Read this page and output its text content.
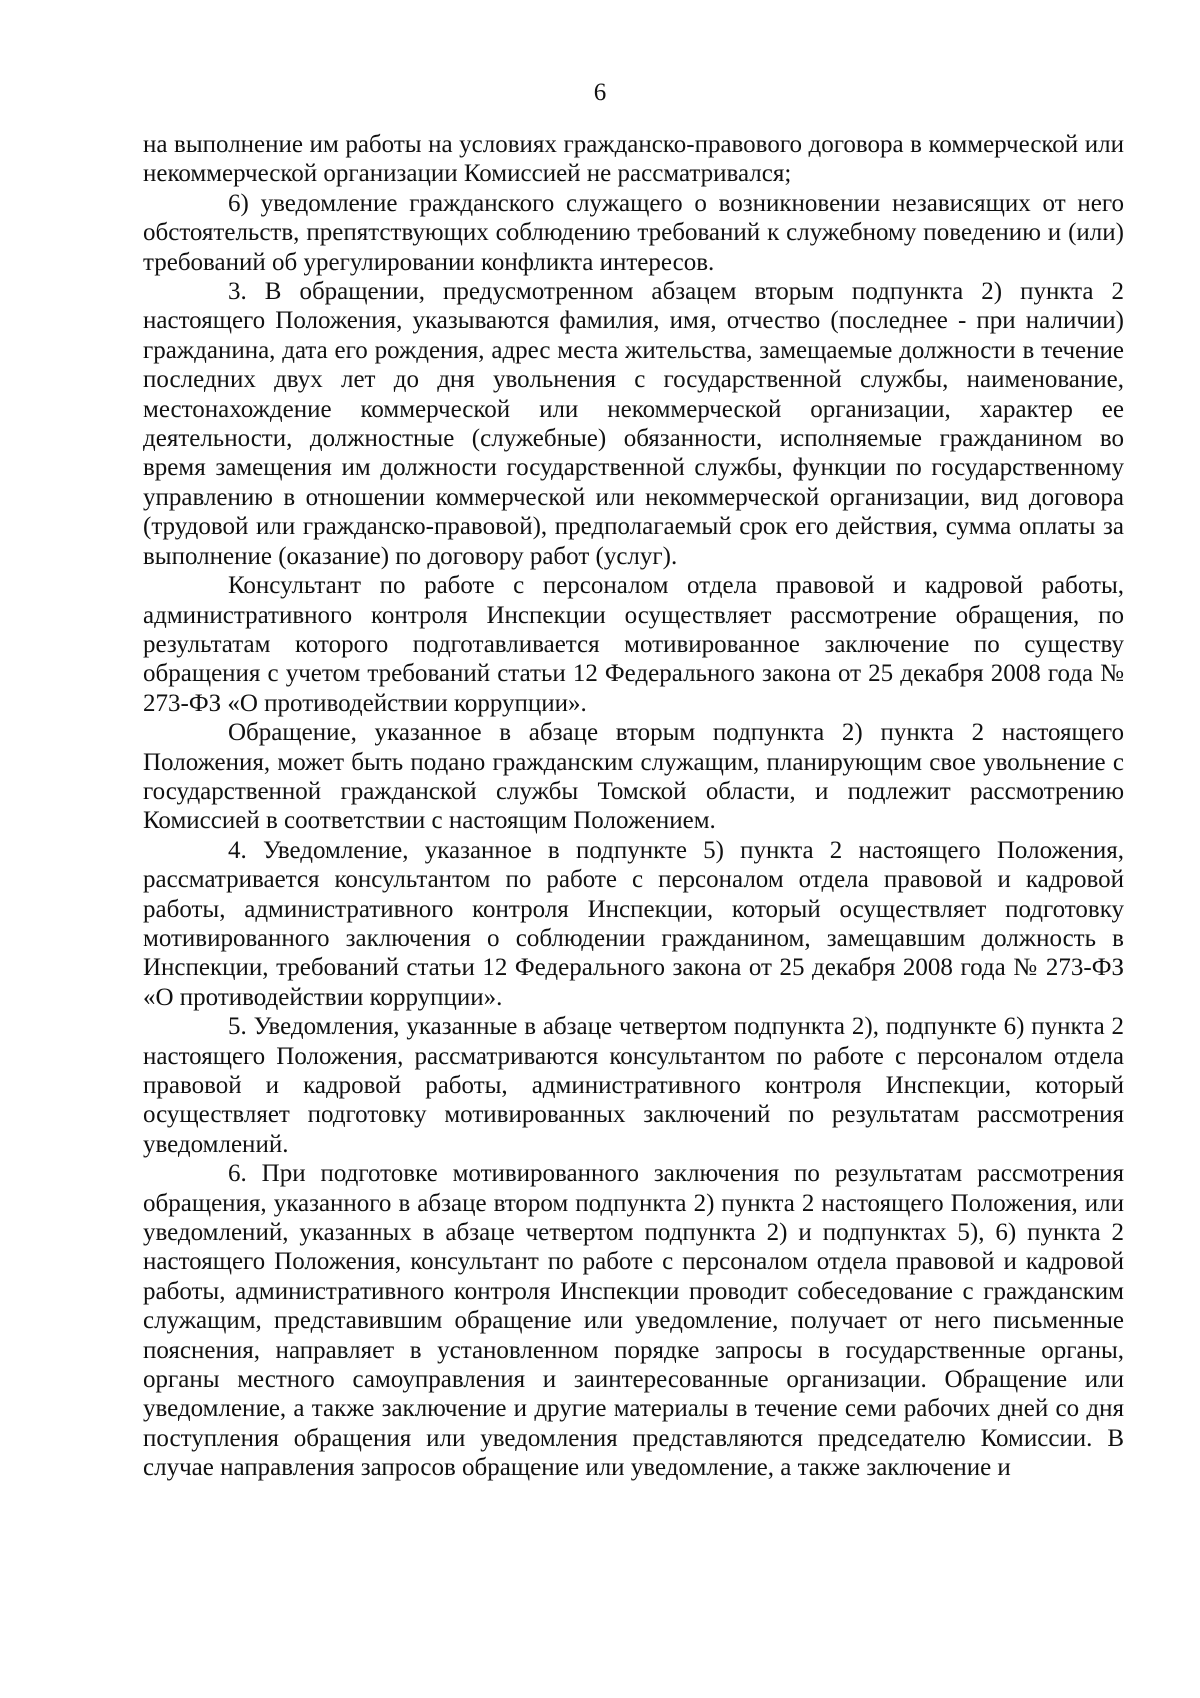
6

на выполнение им работы на условиях гражданско-правового договора в коммерческой или некоммерческой организации Комиссией не рассматривался;

6) уведомление гражданского служащего о возникновении независящих от него обстоятельств, препятствующих соблюдению требований к служебному поведению и (или) требований об урегулировании конфликта интересов.

3. В обращении, предусмотренном абзацем вторым подпункта 2) пункта 2 настоящего Положения, указываются фамилия, имя, отчество (последнее - при наличии) гражданина, дата его рождения, адрес места жительства, замещаемые должности в течение последних двух лет до дня увольнения с государственной службы, наименование, местонахождение коммерческой или некоммерческой организации, характер ее деятельности, должностные (служебные) обязанности, исполняемые гражданином во время замещения им должности государственной службы, функции по государственному управлению в отношении коммерческой или некоммерческой организации, вид договора (трудовой или гражданско-правовой), предполагаемый срок его действия, сумма оплаты за выполнение (оказание) по договору работ (услуг).

Консультант по работе с персоналом отдела правовой и кадровой работы, административного контроля Инспекции осуществляет рассмотрение обращения, по результатам которого подготавливается мотивированное заключение по существу обращения с учетом требований статьи 12 Федерального закона от 25 декабря 2008 года № 273-ФЗ «О противодействии коррупции».

Обращение, указанное в абзаце вторым подпункта 2) пункта 2 настоящего Положения, может быть подано гражданским служащим, планирующим свое увольнение с государственной гражданской службы Томской области, и подлежит рассмотрению Комиссией в соответствии с настоящим Положением.

4. Уведомление, указанное в подпункте 5) пункта 2 настоящего Положения, рассматривается консультантом по работе с персоналом отдела правовой и кадровой работы, административного контроля Инспекции, который осуществляет подготовку мотивированного заключения о соблюдении гражданином, замещавшим должность в Инспекции, требований статьи 12 Федерального закона от 25 декабря 2008 года № 273-ФЗ «О противодействии коррупции».

5. Уведомления, указанные в абзаце четвертом подпункта 2), подпункте 6) пункта 2 настоящего Положения, рассматриваются консультантом по работе с персоналом отдела правовой и кадровой работы, административного контроля Инспекции, который осуществляет подготовку мотивированных заключений по результатам рассмотрения уведомлений.

6. При подготовке мотивированного заключения по результатам рассмотрения обращения, указанного в абзаце втором подпункта 2) пункта 2 настоящего Положения, или уведомлений, указанных в абзаце четвертом подпункта 2) и подпунктах 5), 6) пункта 2 настоящего Положения, консультант по работе с персоналом отдела правовой и кадровой работы, административного контроля Инспекции проводит собеседование с гражданским служащим, представившим обращение или уведомление, получает от него письменные пояснения, направляет в установленном порядке запросы в государственные органы, органы местного самоуправления и заинтересованные организации. Обращение или уведомление, а также заключение и другие материалы в течение семи рабочих дней со дня поступления обращения или уведомления представляются председателю Комиссии. В случае направления запросов обращение или уведомление, а также заключение и
